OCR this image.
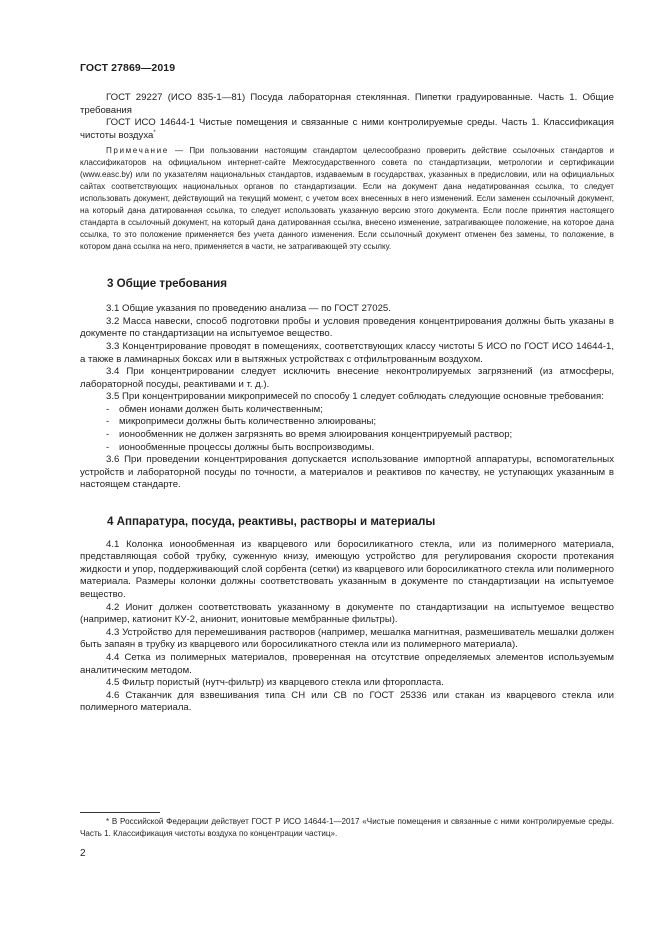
ГОСТ 27869—2019

ГОСТ 29227 (ИСО 835-1—81) Посуда лабораторная стеклянная. Пипетки градуированные. Часть 1. Общие требования

ГОСТ ИСО 14644-1 Чистые помещения и связанные с ними контролируемые среды. Часть 1. Классификация чистоты воздуха*

Примечание — При пользовании настоящим стандартом целесообразно проверить действие ссылочных стандартов и классификаторов на официальном интернет-сайте Межгосударственного совета по стандартизации, метрологии и сертификации (www.easc.by) или по указателям национальных стандартов, издаваемым в государствах, указанных в предисловии, или на официальных сайтах соответствующих национальных органов по стандартизации. Если на документ дана недатированная ссылка, то следует использовать документ, действующий на текущий момент, с учетом всех внесенных в него изменений. Если заменен ссылочный документ, на который дана датированная ссылка, то следует использовать указанную версию этого документа. Если после принятия настоящего стандарта в ссылочный документ, на который дана датированная ссылка, внесено изменение, затрагивающее положение, на которое дана ссылка, то это положение применяется без учета данного изменения. Если ссылочный документ отменен без замены, то положение, в котором дана ссылка на него, применяется в части, не затрагивающей эту ссылку.

3 Общие требования

3.1 Общие указания по проведению анализа — по ГОСТ 27025.

3.2 Масса навески, способ подготовки пробы и условия проведения концентрирования должны быть указаны в документе по стандартизации на испытуемое вещество.

3.3 Концентрирование проводят в помещениях, соответствующих классу чистоты 5 ИСО по ГОСТ ИСО 14644-1, а также в ламинарных боксах или в вытяжных устройствах с отфильтрованным воздухом.

3.4 При концентрировании следует исключить внесение неконтролируемых загрязнений (из атмосферы, лабораторной посуды, реактивами и т. д.).

3.5 При концентрировании микропримесей по способу 1 следует соблюдать следующие основные требования:

-	обмен ионами должен быть количественным;

-	микропримеси должны быть количественно элюированы;

-	ионообменник не должен загрязнять во время элюирования концентрируемый раствор;

-	ионообменные процессы должны быть воспроизводимы.

3.6 При проведении концентрирования допускается использование импортной аппаратуры, вспомогательных устройств и лабораторной посуды по точности, а материалов и реактивов по качеству, не уступающих указанным в настоящем стандарте.

4 Аппаратура, посуда, реактивы, растворы и материалы

4.1 Колонка ионообменная из кварцевого или боросиликатного стекла, или из полимерного материала, представляющая собой трубку, суженную книзу, имеющую устройство для регулирования скорости протекания жидкости и упор, поддерживающий слой сорбента (сетки) из кварцевого или боросиликатного стекла или полимерного материала. Размеры колонки должны соответствовать указанным в документе по стандартизации на испытуемое вещество.

4.2 Ионит должен соответствовать указанному в документе по стандартизации на испытуемое вещество (например, катионит КУ-2, анионит, ионитовые мембранные фильтры).

4.3 Устройство для перемешивания растворов (например, мешалка магнитная, размешиватель мешалки должен быть запаян в трубку из кварцевого или боросиликатного стекла или из полимерного материала).

4.4 Сетка из полимерных материалов, проверенная на отсутствие определяемых элементов используемым аналитическим методом.

4.5 Фильтр пористый (нутч-фильтр) из кварцевого стекла или фторопласта.

4.6 Стаканчик для взвешивания типа СН или СВ по ГОСТ 25336 или стакан из кварцевого стекла или полимерного материала.

* В Российской Федерации действует ГОСТ Р ИСО 14644-1—2017 «Чистые помещения и связанные с ними контролируемые среды. Часть 1. Классификация чистоты воздуха по концентрации частиц».

2
